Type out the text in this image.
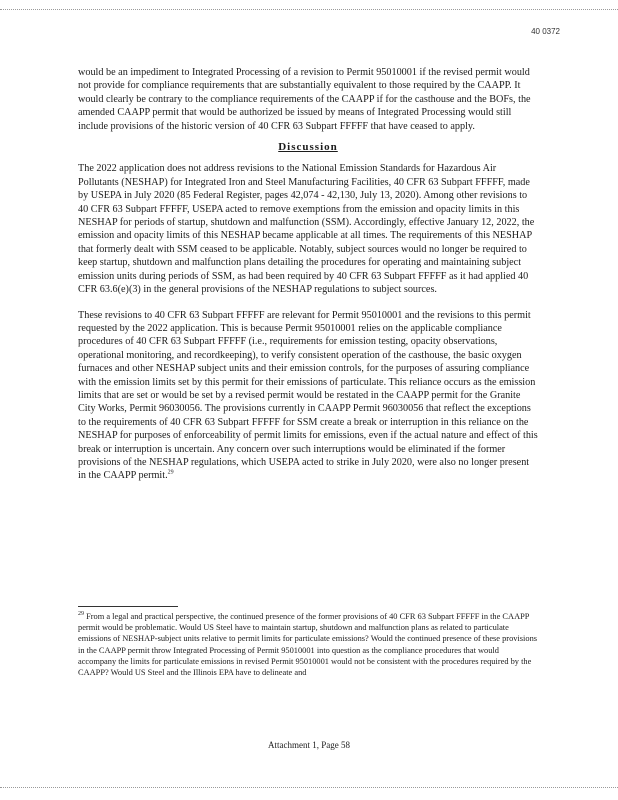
40 0372

would be an impediment to Integrated Processing of a revision to Permit 95010001 if the revised permit would not provide for compliance requirements that are substantially equivalent to those required by the CAAPP. It would clearly be contrary to the compliance requirements of the CAAPP if for the casthouse and the BOFs, the amended CAAPP permit that would be authorized be issued by means of Integrated Processing would still include provisions of the historic version of 40 CFR 63 Subpart FFFFF that have ceased to apply.

Discussion

The 2022 application does not address revisions to the National Emission Standards for Hazardous Air Pollutants (NESHAP) for Integrated Iron and Steel Manufacturing Facilities, 40 CFR 63 Subpart FFFFF, made by USEPA in July 2020 (85 Federal Register, pages 42,074 - 42,130, July 13, 2020). Among other revisions to 40 CFR 63 Subpart FFFFF, USEPA acted to remove exemptions from the emission and opacity limits in this NESHAP for periods of startup, shutdown and malfunction (SSM). Accordingly, effective January 12, 2022, the emission and opacity limits of this NESHAP became applicable at all times. The requirements of this NESHAP that formerly dealt with SSM ceased to be applicable. Notably, subject sources would no longer be required to keep startup, shutdown and malfunction plans detailing the procedures for operating and maintaining subject emission units during periods of SSM, as had been required by 40 CFR 63 Subpart FFFFF as it had applied 40 CFR 63.6(e)(3) in the general provisions of the NESHAP regulations to subject sources.

These revisions to 40 CFR 63 Subpart FFFFF are relevant for Permit 95010001 and the revisions to this permit requested by the 2022 application. This is because Permit 95010001 relies on the applicable compliance procedures of 40 CFR 63 Subpart FFFFF (i.e., requirements for emission testing, opacity observations, operational monitoring, and recordkeeping), to verify consistent operation of the casthouse, the basic oxygen furnaces and other NESHAP subject units and their emission controls, for the purposes of assuring compliance with the emission limits set by this permit for their emissions of particulate. This reliance occurs as the emission limits that are set or would be set by a revised permit would be restated in the CAAPP permit for the Granite City Works, Permit 96030056. The provisions currently in CAAPP Permit 96030056 that reflect the exceptions to the requirements of 40 CFR 63 Subpart FFFFF for SSM create a break or interruption in this reliance on the NESHAP for purposes of enforceability of permit limits for emissions, even if the actual nature and effect of this break or interruption is uncertain. Any concern over such interruptions would be eliminated if the former provisions of the NESHAP regulations, which USEPA acted to strike in July 2020, were also no longer present in the CAAPP permit.$^{29}$

$^{29}$ From a legal and practical perspective, the continued presence of the former provisions of 40 CFR 63 Subpart FFFFF in the CAAPP permit would be problematic. Would US Steel have to maintain startup, shutdown and malfunction plans as related to particulate emissions of NESHAP-subject units relative to permit limits for particulate emissions? Would the continued presence of these provisions in the CAAPP permit throw Integrated Processing of Permit 95010001 into question as the compliance procedures that would accompany the limits for particulate emissions in revised Permit 95010001 would not be consistent with the procedures required by the CAAPP? Would US Steel and the Illinois EPA have to delineate and
Attachment 1, Page 58
